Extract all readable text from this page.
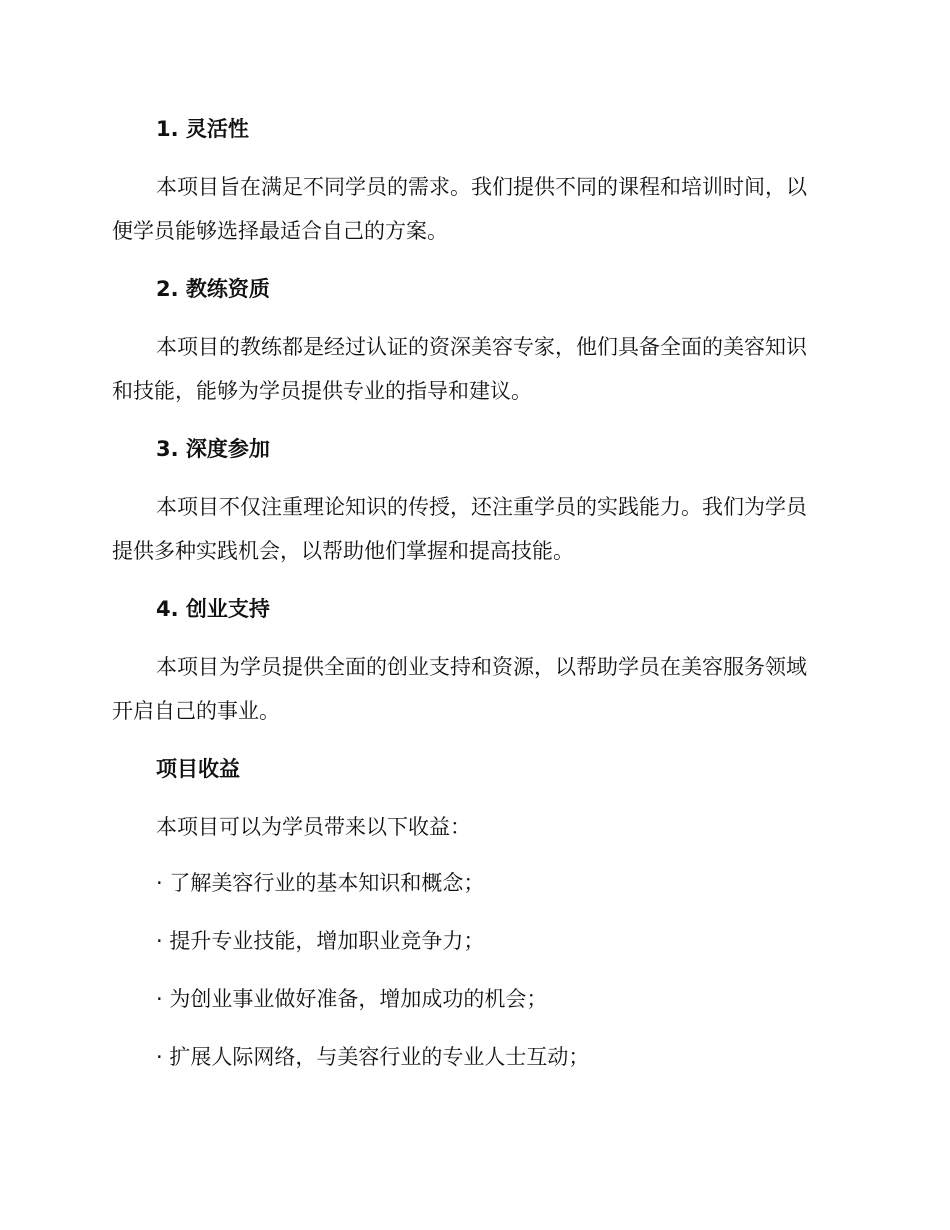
1. 灵活性
本项目旨在满足不同学员的需求。我们提供不同的课程和培训时间，以
便学员能够选择最适合自己的方案。
2. 教练资质
本项目的教练都是经过认证的资深美容专家，他们具备全面的美容知识
和技能，能够为学员提供专业的指导和建议。
3. 深度参加
本项目不仅注重理论知识的传授，还注重学员的实践能力。我们为学员
提供多种实践机会，以帮助他们掌握和提高技能。
4. 创业支持
本项目为学员提供全面的创业支持和资源，以帮助学员在美容服务领域
开启自己的事业。
项目收益
本项目可以为学员带来以下收益：
· 了解美容行业的基本知识和概念；
· 提升专业技能，增加职业竞争力；
· 为创业事业做好准备，增加成功的机会；
· 扩展人际网络，与美容行业的专业人士互动；
